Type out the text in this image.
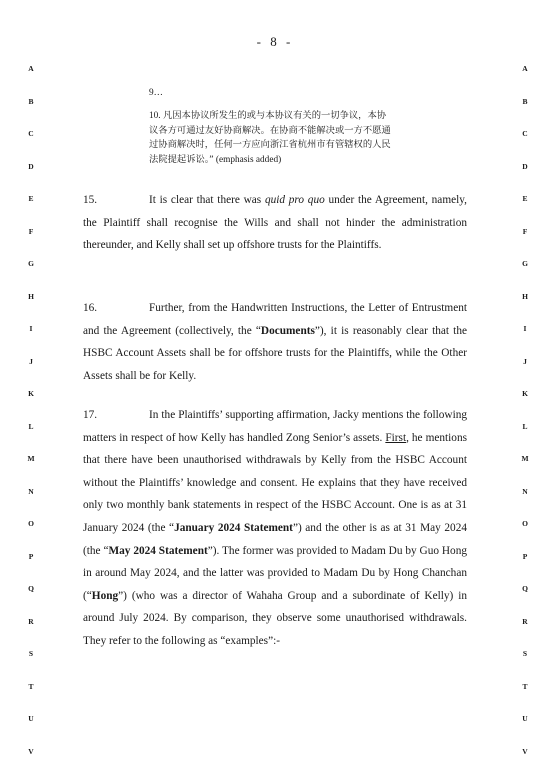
- 8 -
A
B
C
D
E
F
G
H
I
J
K
L
M
N
O
P
Q
R
S
T
U
V
A
B
C
D
E
F
G
H
I
J
K
L
M
N
O
P
Q
R
S
T
U
V

9…

10. 凡因本协议所发生的或与本协议有关的一切争议，本协

议各方可通过友好协商解决。在协商不能解决或一方不愿通

过协商解决时，任何一方应向浙江省杭州市有管辖权的人民

法院提起诉讼。” (emphasis added)

15.	It is clear that there was quid pro quo under the Agreement, namely, the Plaintiff shall recognise the Wills and shall not hinder the administration thereunder, and Kelly shall set up offshore trusts for the Plaintiffs.

16.	Further, from the Handwritten Instructions, the Letter of Entrustment and the Agreement (collectively, the “Documents”), it is reasonably clear that the HSBC Account Assets shall be for offshore trusts for the Plaintiffs, while the Other Assets shall be for Kelly.

17.	In the Plaintiffs’ supporting affirmation, Jacky mentions the following matters in respect of how Kelly has handled Zong Senior’s assets. First, he mentions that there have been unauthorised withdrawals by Kelly from the HSBC Account without the Plaintiffs’ knowledge and consent. He explains that they have received only two monthly bank statements in respect of the HSBC Account. One is as at 31 January 2024 (the “January 2024 Statement”) and the other is as at 31 May 2024 (the “May 2024 Statement”). The former was provided to Madam Du by Guo Hong in around May 2024, and the latter was provided to Madam Du by Hong Chanchan (“Hong”) (who was a director of Wahaha Group and a subordinate of Kelly) in around July 2024. By comparison, they observe some unauthorised withdrawals. They refer to the following as “examples”:-
